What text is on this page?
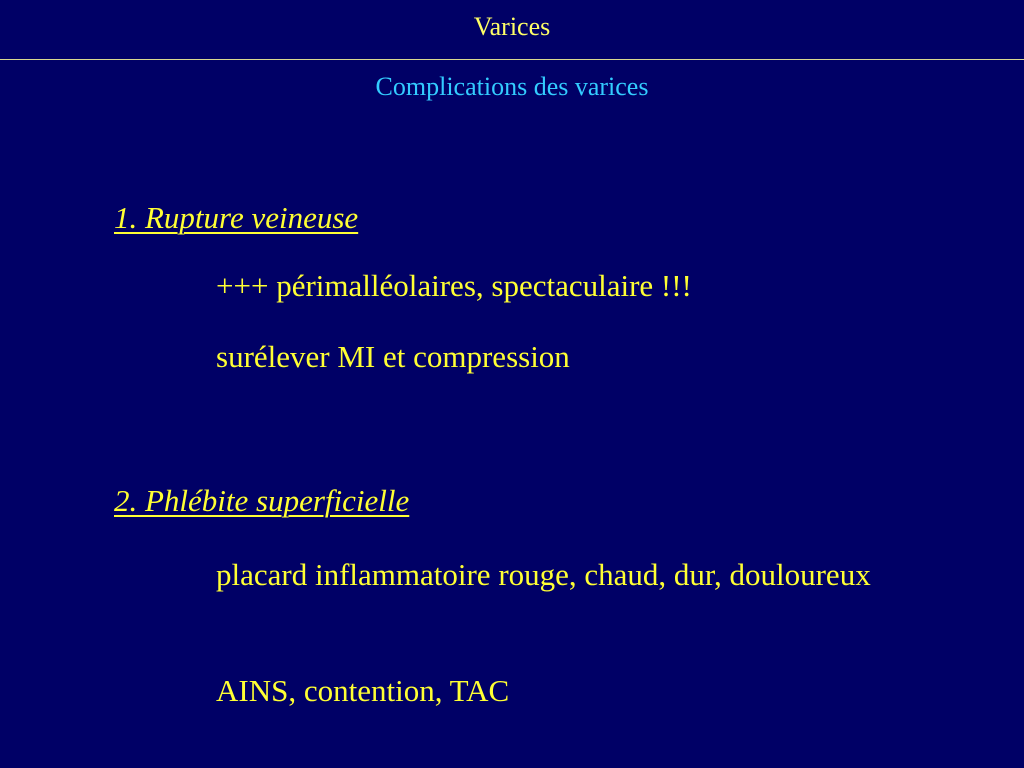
Varices
Complications des varices
1. Rupture veineuse
+++ périmalléolaires, spectaculaire !!!
surélever MI et compression
2. Phlébite superficielle
placard inflammatoire rouge, chaud, dur, douloureux
AINS, contention, TAC
